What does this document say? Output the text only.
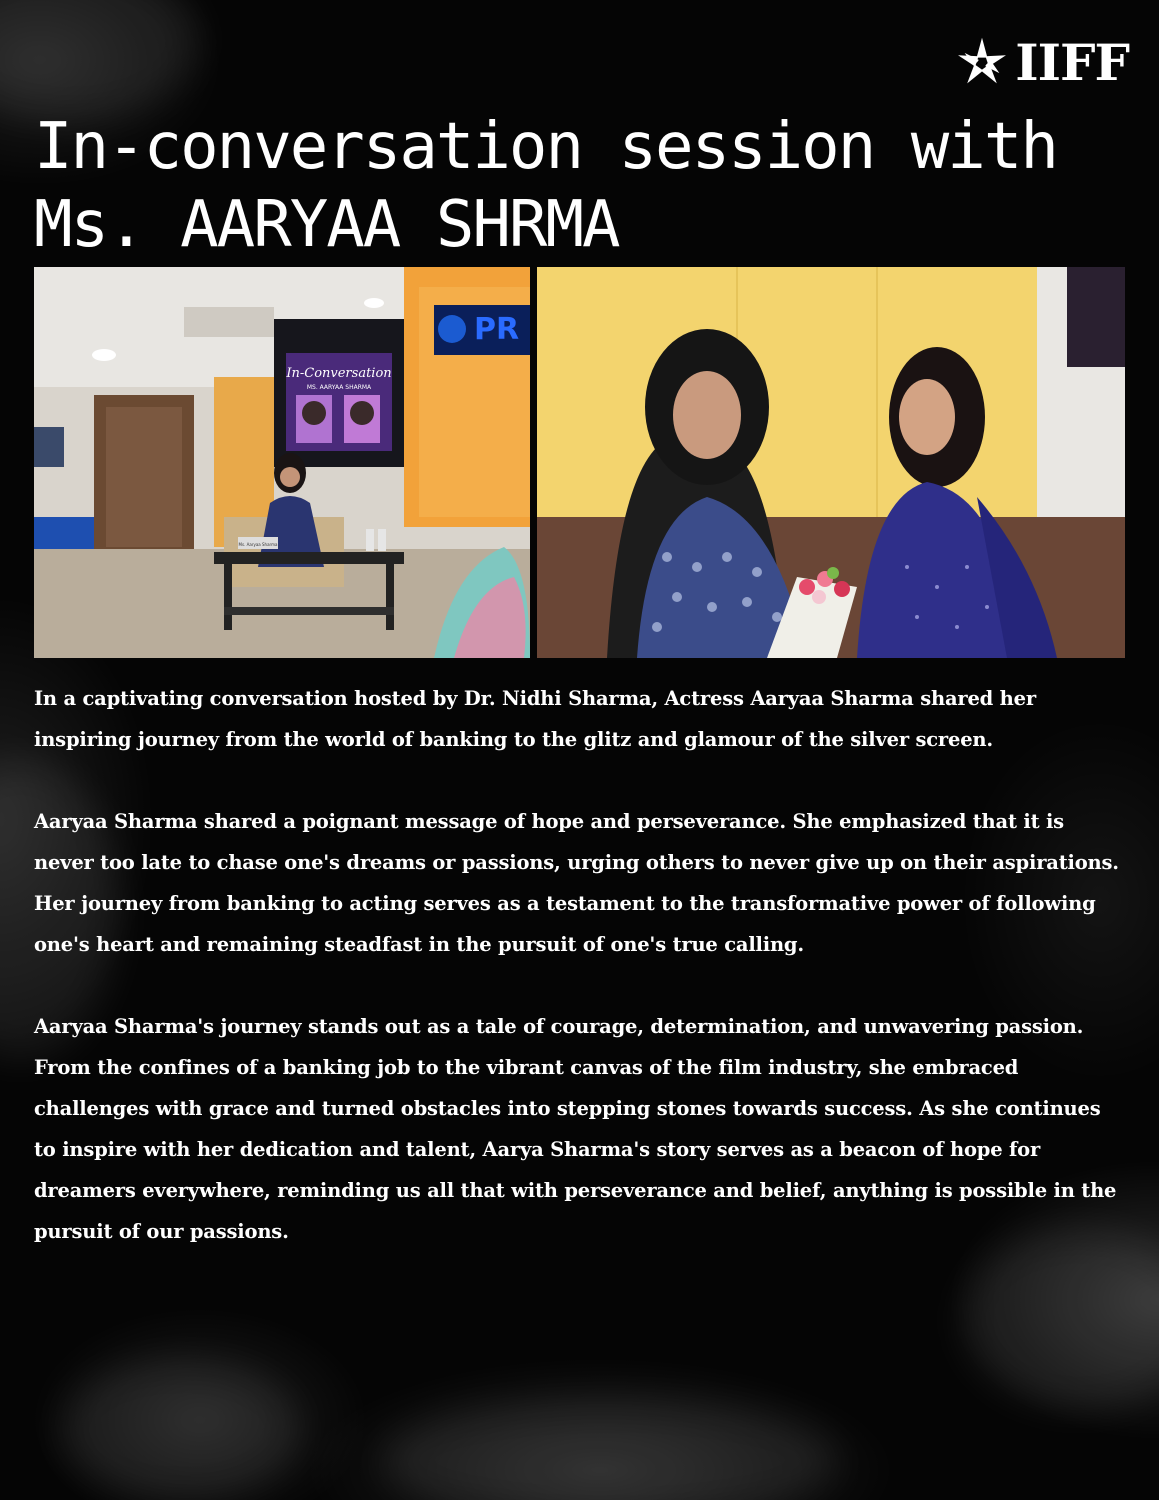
IIFF
In-conversation session with
Ms. AARYAA SHRMA
In-Conversation
MS. AARYAA SHARMA
PR
Ms. Aaryaa Sharma

In a captivating conversation hosted by Dr. Nidhi Sharma, Actress Aaryaa Sharma shared her inspiring journey from the world of banking to the glitz and glamour of the silver screen.

Aaryaa Sharma shared a poignant message of hope and perseverance. She emphasized that it is never too late to chase one's dreams or passions, urging others to never give up on their aspirations. Her journey from banking to acting serves as a testament to the transformative power of following one's heart and remaining steadfast in the pursuit of one's true calling.

Aaryaa Sharma's journey stands out as a tale of courage, determination, and unwavering passion. From the confines of a banking job to the vibrant canvas of the film industry, she embraced challenges with grace and turned obstacles into stepping stones towards success. As she continues to inspire with her dedication and talent, Aarya Sharma's story serves as a beacon of hope for dreamers everywhere, reminding us all that with perseverance and belief, anything is possible in the pursuit of our passions.
